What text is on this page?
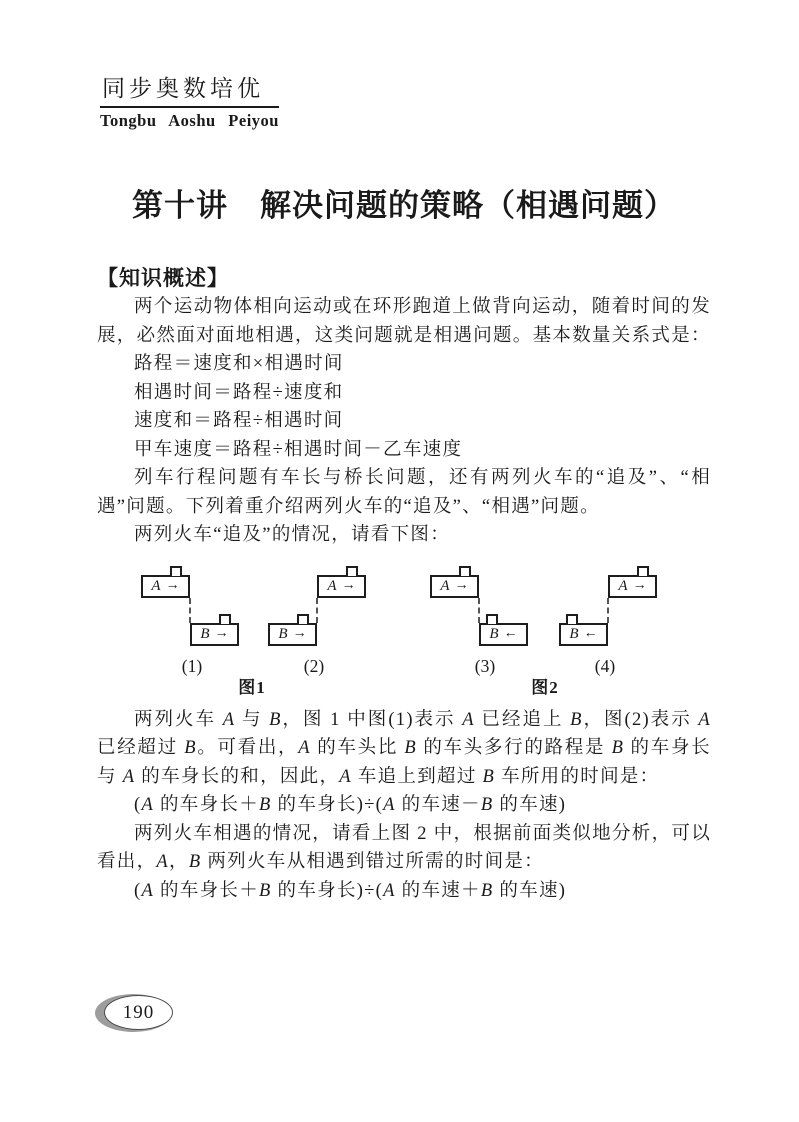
同步奥数培优
Tongbu Aoshu Peiyou
第十讲　解决问题的策略（相遇问题）
【知识概述】

两个运动物体相向运动或在环形跑道上做背向运动，随着时间的发展，必然面对面地相遇，这类问题就是相遇问题。基本数量关系式是：

路程＝速度和×相遇时间

相遇时间＝路程÷速度和

速度和＝路程÷相遇时间

甲车速度＝路程÷相遇时间－乙车速度

列车行程问题有车长与桥长问题，还有两列火车的“追及”、“相遇”问题。下列着重介绍两列火车的“追及”、“相遇”问题。

两列火车“追及”的情况，请看下图：

A →
B →
(1)
A →
B →
(2)
A →
B ←
(3)
A →
B ←
(4)
图1	图2

两列火车 A 与 B，图 1 中图(1)表示 A 已经追上 B，图(2)表示 A 已经超过 B。可看出，A 的车头比 B 的车头多行的路程是 B 的车身长与 A 的车身长的和，因此，A 车追上到超过 B 车所用的时间是：

(A 的车身长＋B 的车身长)÷(A 的车速－B 的车速)

两列火车相遇的情况，请看上图 2 中，根据前面类似地分析，可以看出，A，B 两列火车从相遇到错过所需的时间是：

(A 的车身长＋B 的车身长)÷(A 的车速＋B 的车速)

190
